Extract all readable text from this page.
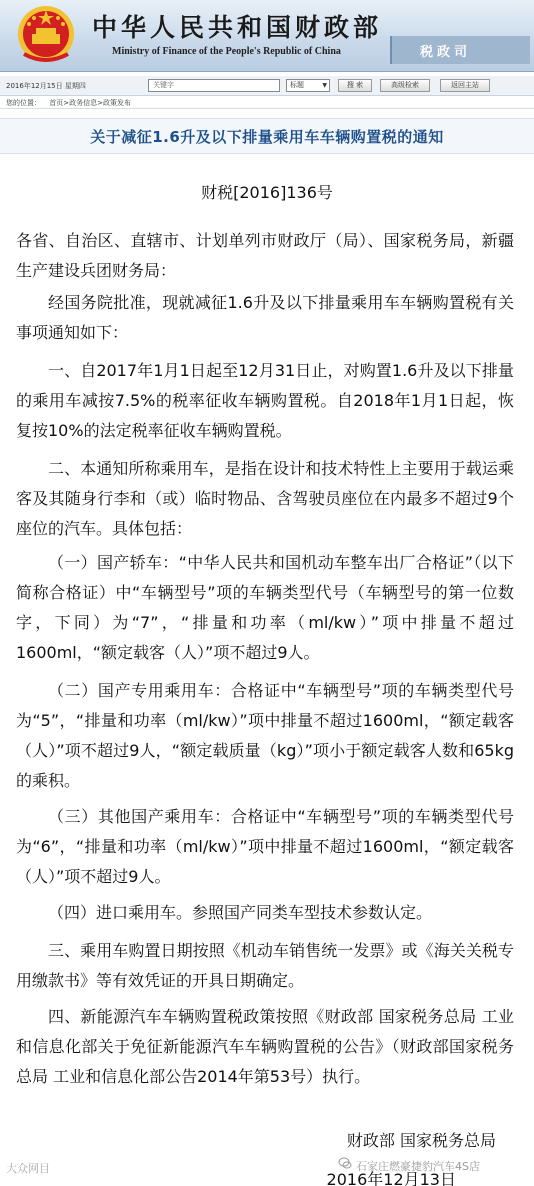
中华人民共和国财政部
Ministry of Finance of the People's Republic of China	税政司
2016年12月15日 星期四	关键字	标题	▼	搜 索	高级检索	返回主站
您的位置： 首页>政务信息>政策发布
关于减征1.6升及以下排量乘用车车辆购置税的通知
财税[2016]136号

各省、自治区、直辖市、计划单列市财政厅（局）、国家税务局，新疆生产建设兵团财务局：

经国务院批准，现就减征1.6升及以下排量乘用车车辆购置税有关事项通知如下：

一、自2017年1月1日起至12月31日止，对购置1.6升及以下排量的乘用车减按7.5%的税率征收车辆购置税。自2018年1月1日起，恢复按10%的法定税率征收车辆购置税。

二、本通知所称乘用车，是指在设计和技术特性上主要用于载运乘客及其随身行李和（或）临时物品、含驾驶员座位在内最多不超过9个座位的汽车。具体包括：

（一）国产轿车：“中华人民共和国机动车整车出厂合格证”（以下简称合格证）中“车辆型号”项的车辆类型代号（车辆型号的第一位数字，下同）为“7”，“排量和功率（ml/kw）”项中排量不超过1600ml，“额定载客（人）”项不超过9人。

（二）国产专用乘用车：合格证中“车辆型号”项的车辆类型代号为“5”，“排量和功率（ml/kw）”项中排量不超过1600ml，“额定载客（人）”项不超过9人，“额定载质量（kg）”项小于额定载客人数和65kg的乘积。

（三）其他国产乘用车：合格证中“车辆型号”项的车辆类型代号为“6”，“排量和功率（ml/kw）”项中排量不超过1600ml，“额定载客（人）”项不超过9人。

（四）进口乘用车。参照国产同类车型技术参数认定。

三、乘用车购置日期按照《机动车销售统一发票》或《海关关税专用缴款书》等有效凭证的开具日期确定。

四、新能源汽车车辆购置税政策按照《财政部 国家税务总局 工业和信息化部关于免征新能源汽车车辆购置税的公告》（财政部国家税务总局 工业和信息化部公告2014年第53号）执行。

财政部 国家税务总局
2016年12月13日
大众网目	石家庄燃豪捷豹汽车4S店
